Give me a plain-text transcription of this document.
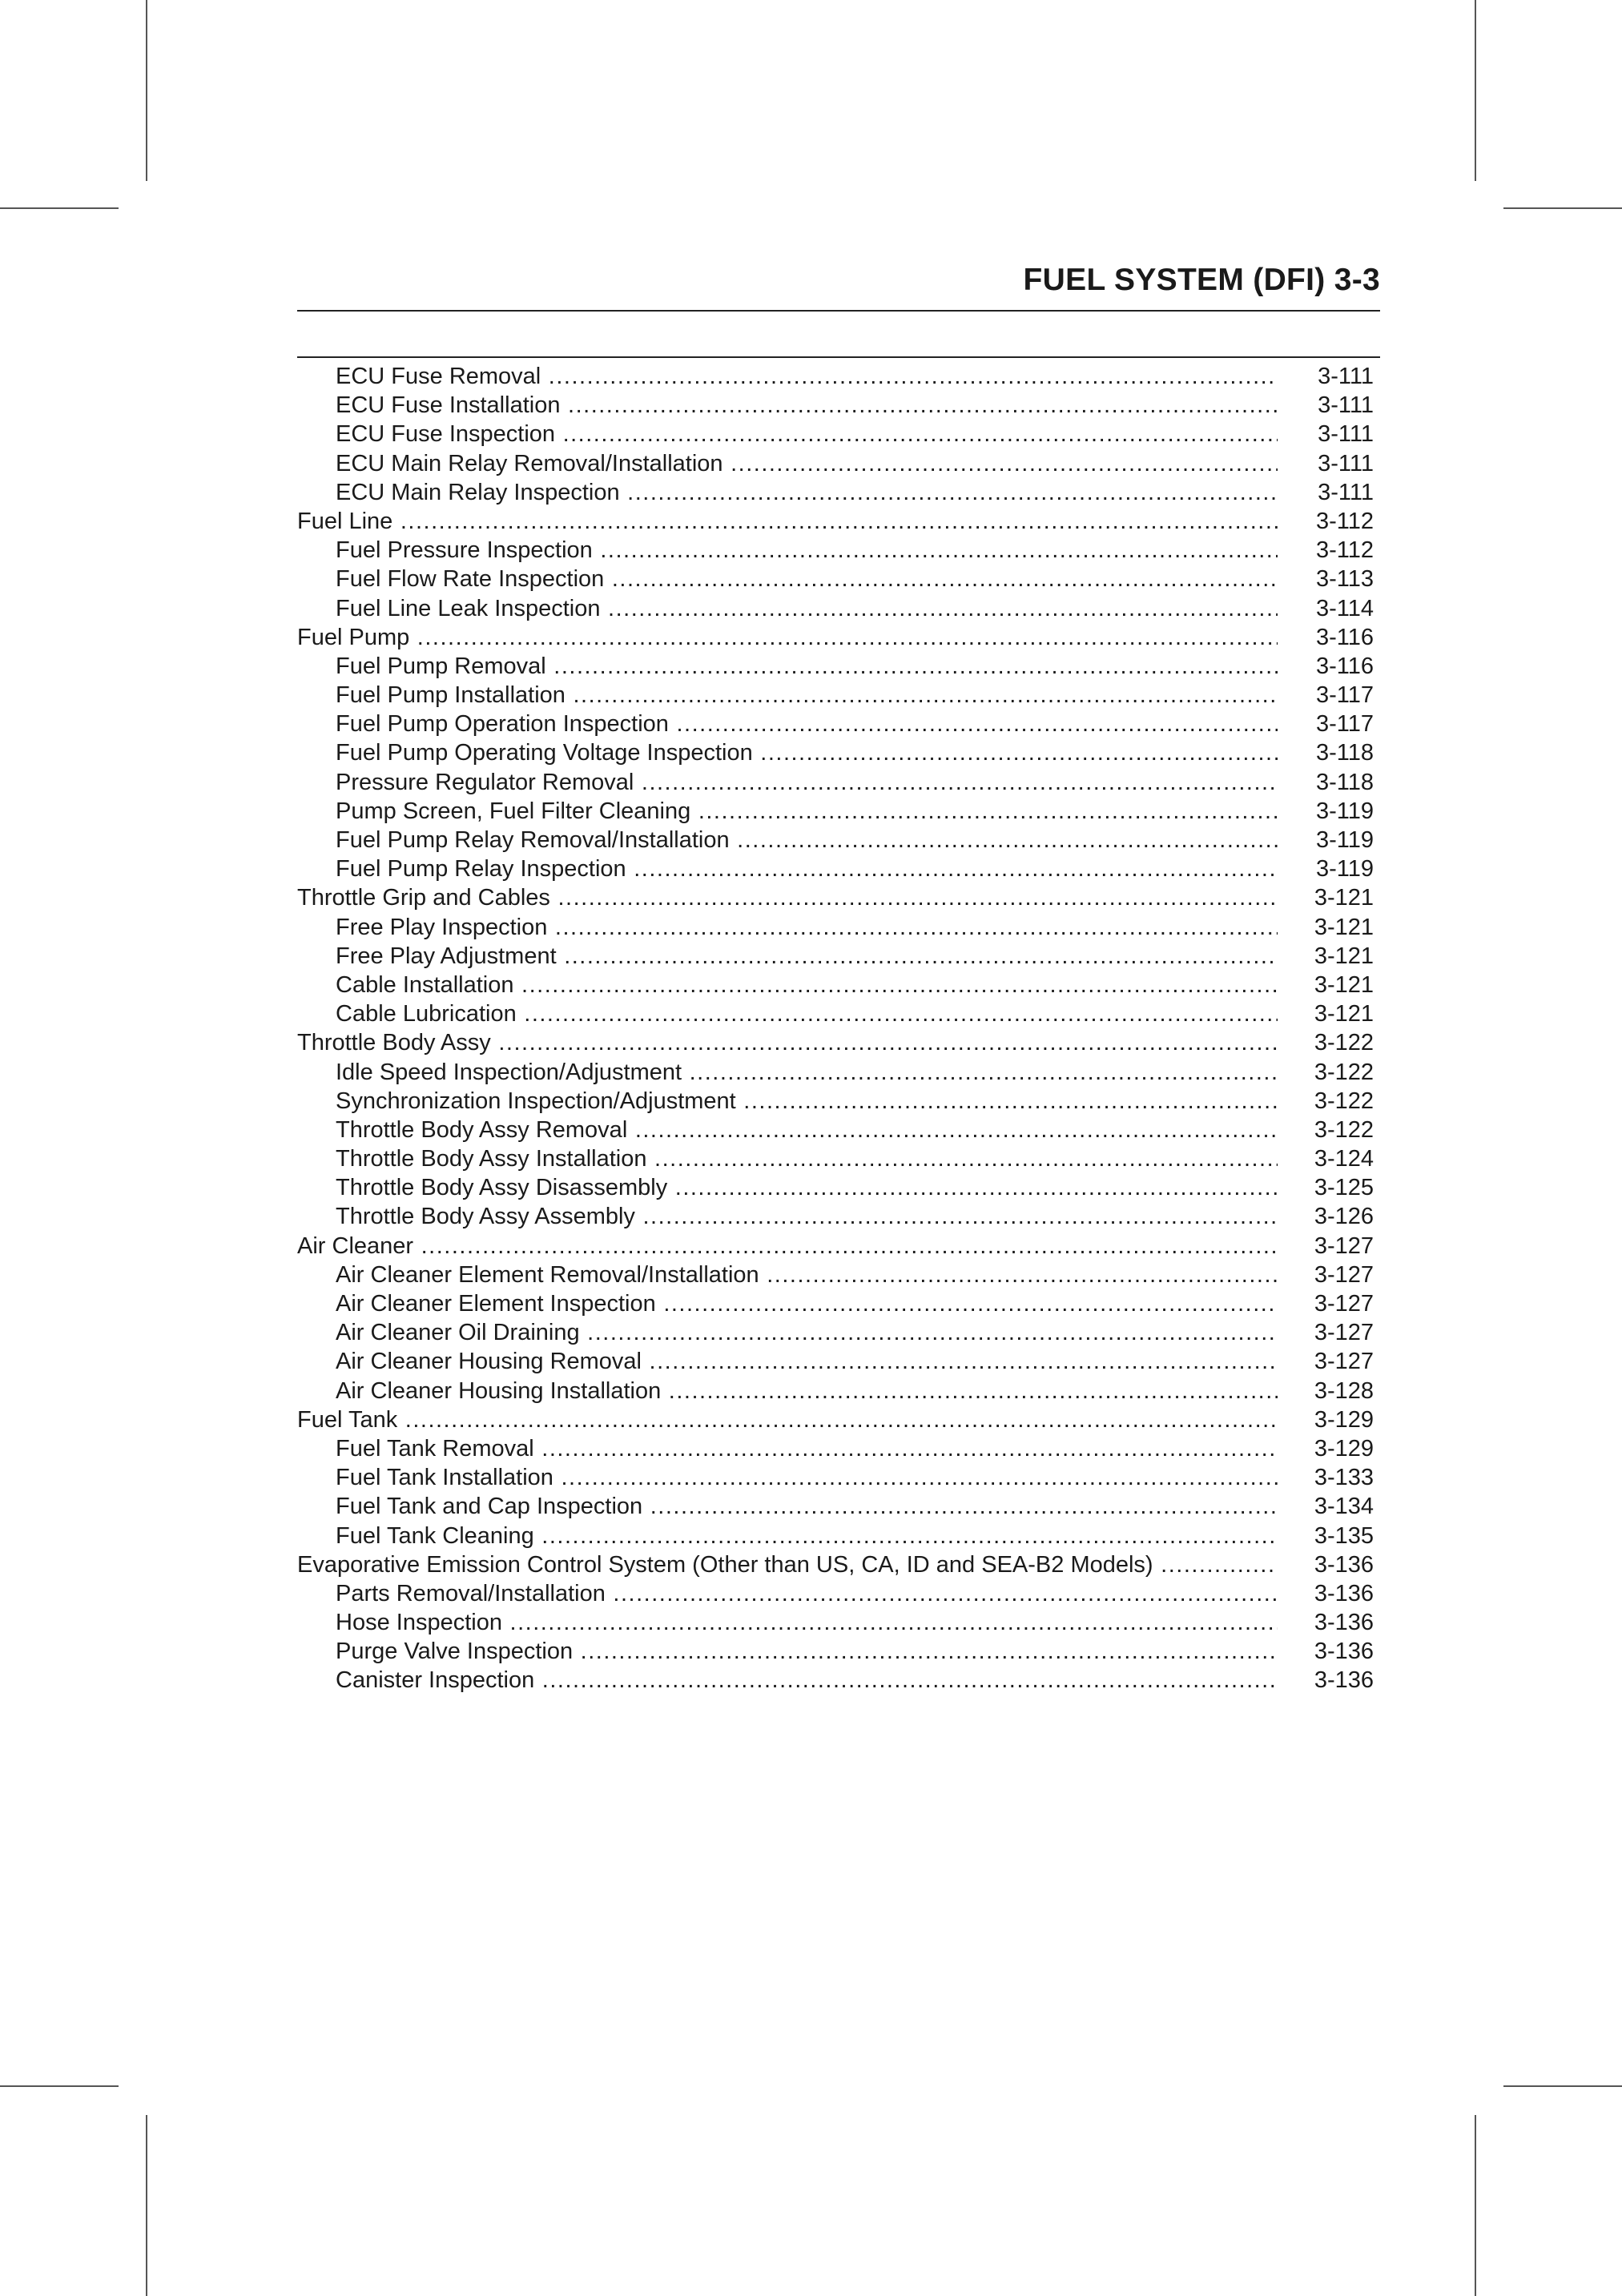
FUEL SYSTEM (DFI) 3-3
ECU Fuse Removal .....	3-111
ECU Fuse Installation .....	3-111
ECU Fuse Inspection .....	3-111
ECU Main Relay Removal/Installation .....	3-111
ECU Main Relay Inspection .....	3-111
Fuel Line .....	3-112
Fuel Pressure Inspection .....	3-112
Fuel Flow Rate Inspection .....	3-113
Fuel Line Leak Inspection .....	3-114
Fuel Pump .....	3-116
Fuel Pump Removal .....	3-116
Fuel Pump Installation .....	3-117
Fuel Pump Operation Inspection .....	3-117
Fuel Pump Operating Voltage Inspection .....	3-118
Pressure Regulator Removal .....	3-118
Pump Screen, Fuel Filter Cleaning .....	3-119
Fuel Pump Relay Removal/Installation .....	3-119
Fuel Pump Relay Inspection .....	3-119
Throttle Grip and Cables .....	3-121
Free Play Inspection .....	3-121
Free Play Adjustment .....	3-121
Cable Installation .....	3-121
Cable Lubrication .....	3-121
Throttle Body Assy .....	3-122
Idle Speed Inspection/Adjustment .....	3-122
Synchronization Inspection/Adjustment .....	3-122
Throttle Body Assy Removal .....	3-122
Throttle Body Assy Installation .....	3-124
Throttle Body Assy Disassembly .....	3-125
Throttle Body Assy Assembly .....	3-126
Air Cleaner .....	3-127
Air Cleaner Element Removal/Installation .....	3-127
Air Cleaner Element Inspection .....	3-127
Air Cleaner Oil Draining .....	3-127
Air Cleaner Housing Removal .....	3-127
Air Cleaner Housing Installation .....	3-128
Fuel Tank .....	3-129
Fuel Tank Removal .....	3-129
Fuel Tank Installation .....	3-133
Fuel Tank and Cap Inspection .....	3-134
Fuel Tank Cleaning .....	3-135
Evaporative Emission Control System (Other than US, CA, ID and SEA-B2 Models) .....	3-136
Parts Removal/Installation .....	3-136
Hose Inspection .....	3-136
Purge Valve Inspection .....	3-136
Canister Inspection .....	3-136
